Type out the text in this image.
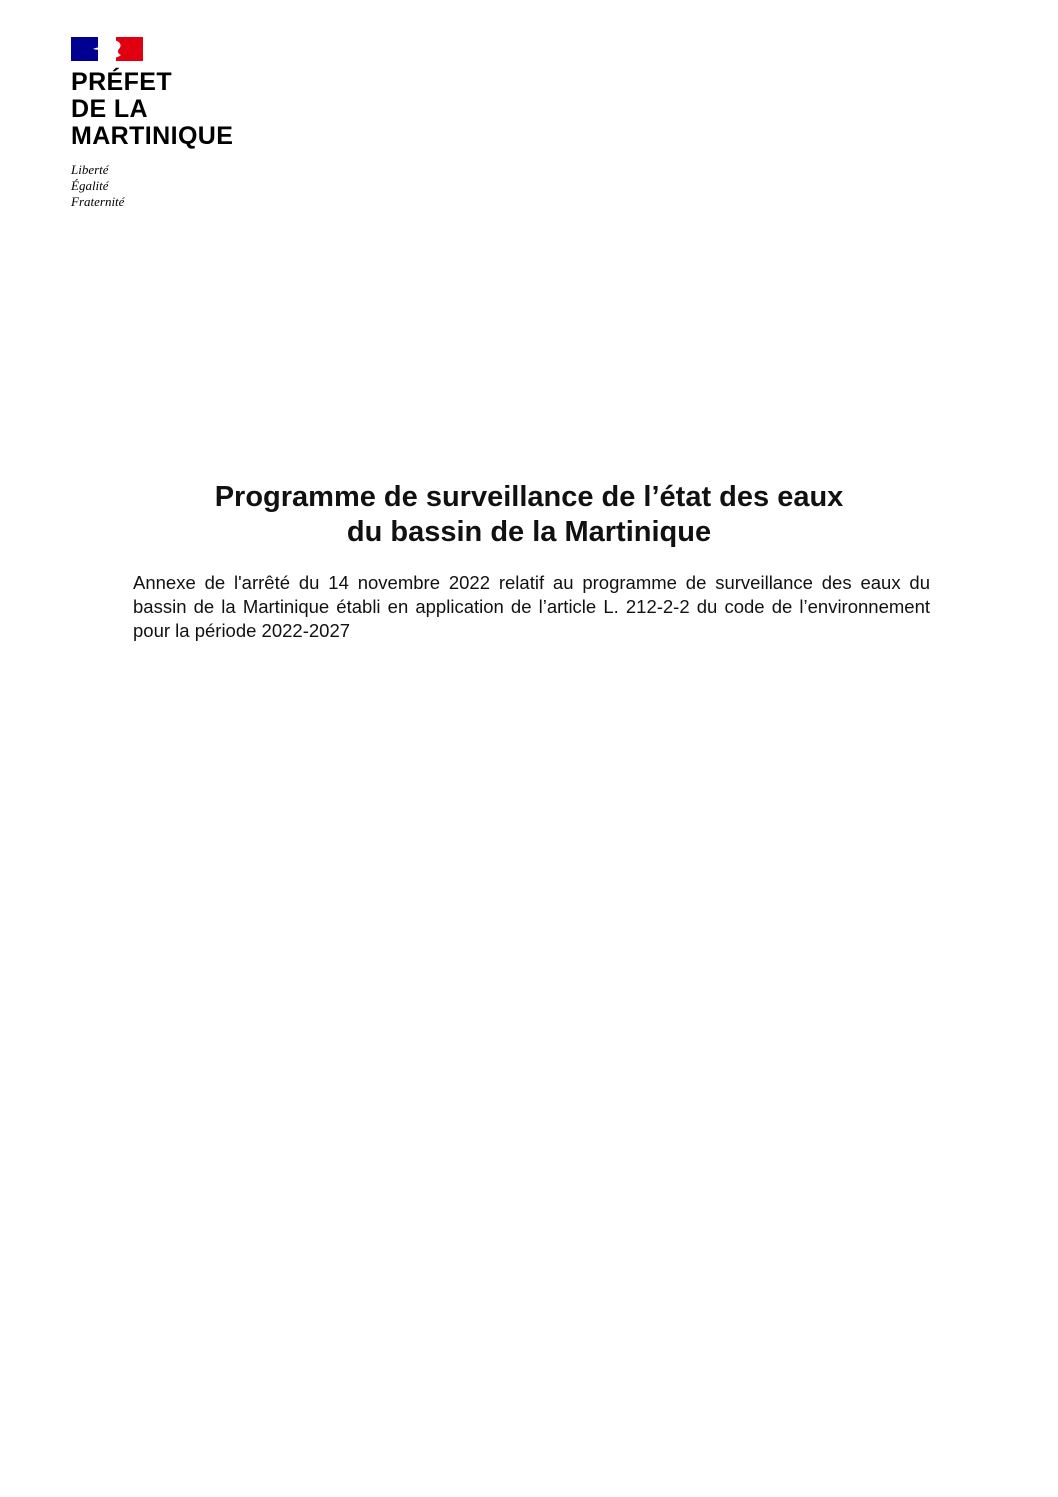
PRÉFET
DE LA
MARTINIQUE
Liberté
Égalité
Fraternité
Programme de surveillance de l’état des eaux
du bassin de la Martinique

Annexe de l'arrêté du 14 novembre 2022 relatif au programme de surveillance des eaux du bassin de la Martinique établi en application de l’article L. 212-2-2 du code de l’environnement pour la période 2022-2027
